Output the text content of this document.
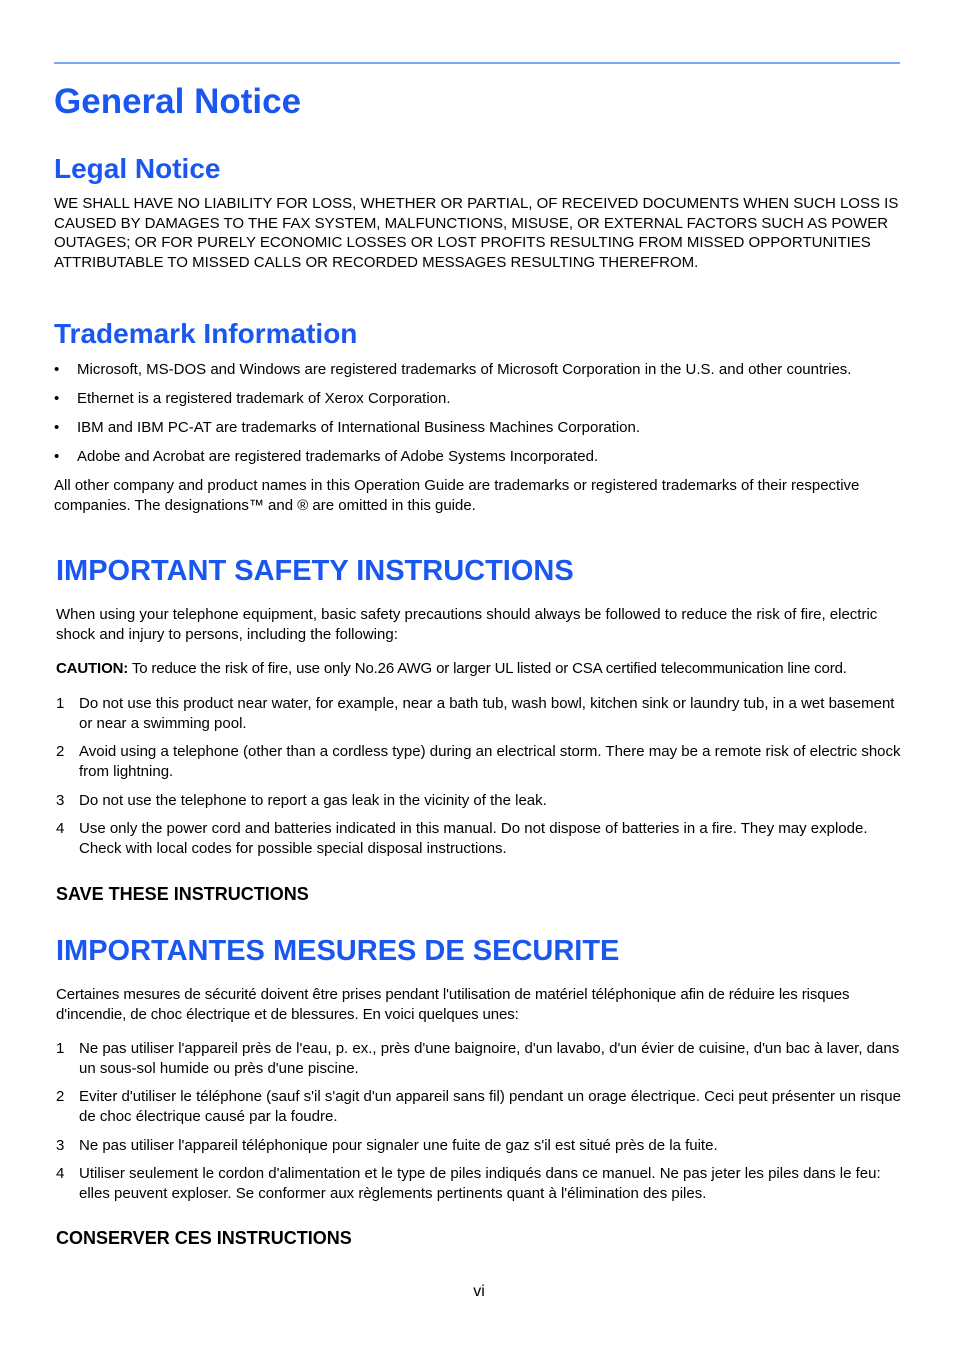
General Notice
Legal Notice

WE SHALL HAVE NO LIABILITY FOR LOSS, WHETHER OR PARTIAL, OF RECEIVED DOCUMENTS WHEN SUCH LOSS IS CAUSED BY DAMAGES TO THE FAX SYSTEM, MALFUNCTIONS, MISUSE, OR EXTERNAL FACTORS SUCH AS POWER OUTAGES; OR FOR PURELY ECONOMIC LOSSES OR LOST PROFITS RESULTING FROM MISSED OPPORTUNITIES ATTRIBUTABLE TO MISSED CALLS OR RECORDED MESSAGES RESULTING THEREFROM.

Trademark Information
• Microsoft, MS-DOS and Windows are registered trademarks of Microsoft Corporation in the U.S. and other countries.
• Ethernet is a registered trademark of Xerox Corporation.
• IBM and IBM PC-AT are trademarks of International Business Machines Corporation.
• Adobe and Acrobat are registered trademarks of Adobe Systems Incorporated.

All other company and product names in this Operation Guide are trademarks or registered trademarks of their respective companies. The designations™ and ® are omitted in this guide.

IMPORTANT SAFETY INSTRUCTIONS

When using your telephone equipment, basic safety precautions should always be followed to reduce the risk of fire, electric shock and injury to persons, including the following:

CAUTION: To reduce the risk of fire, use only No.26 AWG or larger UL listed or CSA certified telecommunication line cord.

1 Do not use this product near water, for example, near a bath tub, wash bowl, kitchen sink or laundry tub, in a wet basement or near a swimming pool.
2 Avoid using a telephone (other than a cordless type) during an electrical storm. There may be a remote risk of electric shock from lightning.
3 Do not use the telephone to report a gas leak in the vicinity of the leak.
4 Use only the power cord and batteries indicated in this manual. Do not dispose of batteries in a fire. They may explode. Check with local codes for possible special disposal instructions.

SAVE THESE INSTRUCTIONS

IMPORTANTES MESURES DE SECURITE

Certaines mesures de sécurité doivent être prises pendant l'utilisation de matériel téléphonique afin de réduire les risques d'incendie, de choc électrique et de blessures. En voici quelques unes:

1 Ne pas utiliser l'appareil près de l'eau, p. ex., près d'une baignoire, d'un lavabo, d'un évier de cuisine, d'un bac à laver, dans un sous-sol humide ou près d'une piscine.
2 Eviter d'utiliser le téléphone (sauf s'il s'agit d'un appareil sans fil) pendant un orage électrique. Ceci peut présenter un risque de choc électrique causé par la foudre.
3 Ne pas utiliser l'appareil téléphonique pour signaler une fuite de gaz s'il est situé près de la fuite.
4 Utiliser seulement le cordon d'alimentation et le type de piles indiqués dans ce manuel. Ne pas jeter les piles dans le feu: elles peuvent exploser. Se conformer aux règlements pertinents quant à l'élimination des piles.

CONSERVER CES INSTRUCTIONS

vi
